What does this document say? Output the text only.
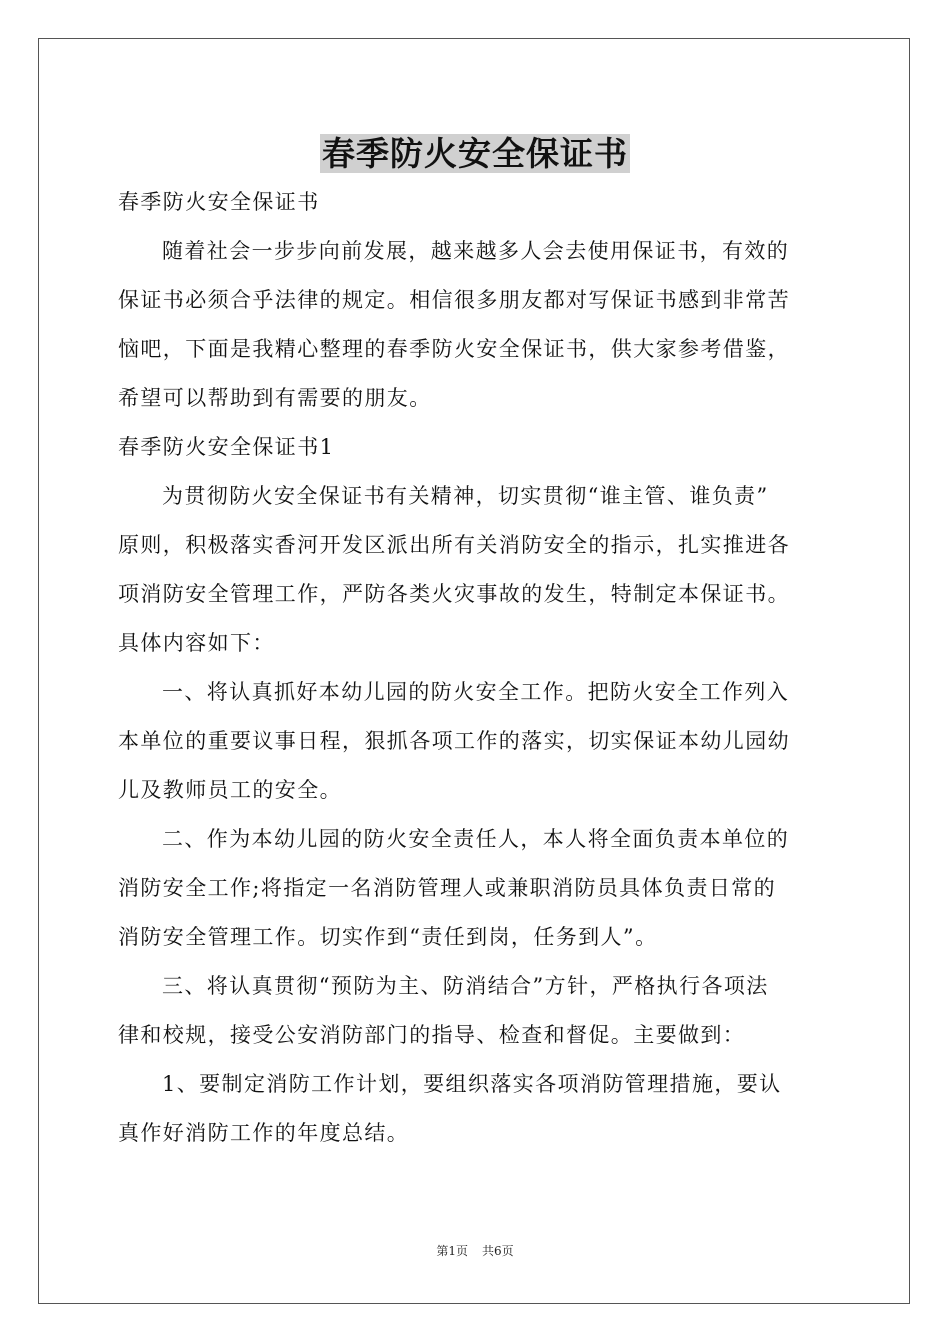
春季防火安全保证书
春季防火安全保证书
随着社会一步步向前发展，越来越多人会去使用保证书，有效的
保证书必须合乎法律的规定。相信很多朋友都对写保证书感到非常苦
恼吧，下面是我精心整理的春季防火安全保证书，供大家参考借鉴，
希望可以帮助到有需要的朋友。
春季防火安全保证书1
为贯彻防火安全保证书有关精神，切实贯彻“谁主管、谁负责”
原则，积极落实香河开发区派出所有关消防安全的指示，扎实推进各
项消防安全管理工作，严防各类火灾事故的发生，特制定本保证书。
具体内容如下：
一、将认真抓好本幼儿园的防火安全工作。把防火安全工作列入
本单位的重要议事日程，狠抓各项工作的落实，切实保证本幼儿园幼
儿及教师员工的安全。
二、作为本幼儿园的防火安全责任人，本人将全面负责本单位的
消防安全工作;将指定一名消防管理人或兼职消防员具体负责日常的
消防安全管理工作。切实作到“责任到岗，任务到人”。
三、将认真贯彻“预防为主、防消结合”方针，严格执行各项法
律和校规，接受公安消防部门的指导、检查和督促。主要做到：
1、要制定消防工作计划，要组织落实各项消防管理措施，要认
真作好消防工作的年度总结。
第1页 共6页
